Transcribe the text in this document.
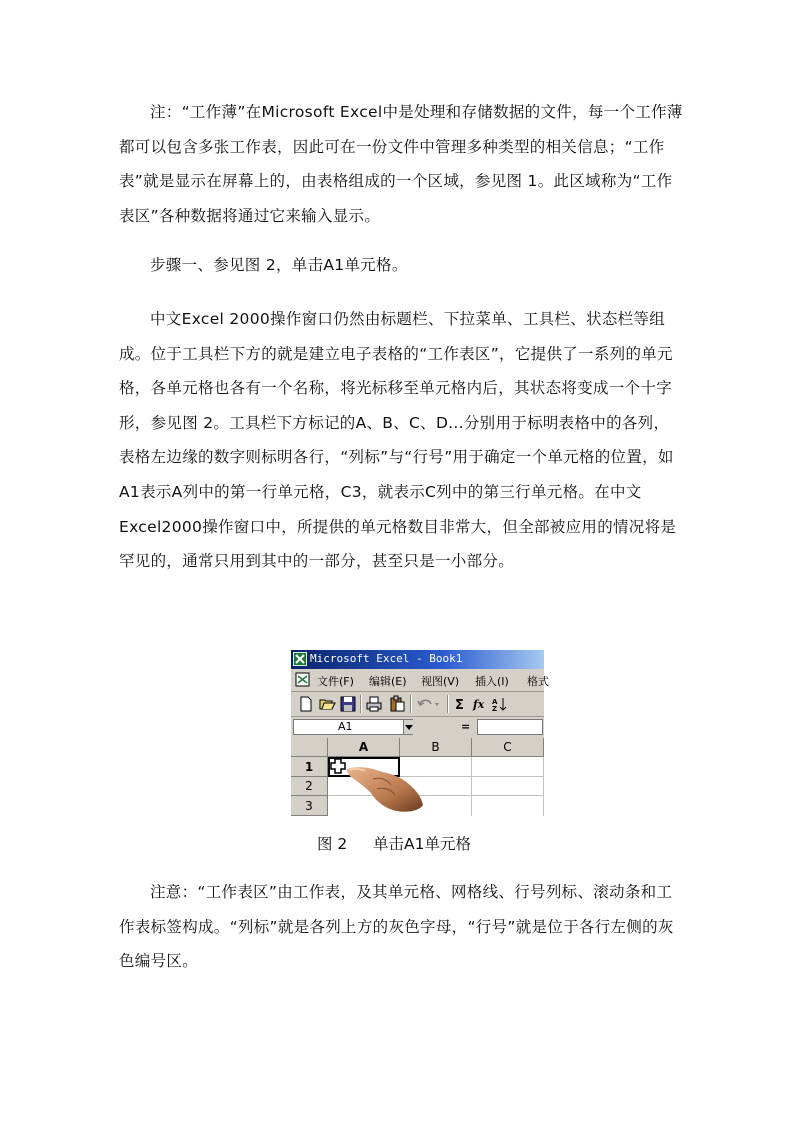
注：“工作薄”在Microsoft Excel中是处理和存储数据的文件，每一个工作薄都可以包含多张工作表，因此可在一份文件中管理多种类型的相关信息；“工作表”就是显示在屏幕上的，由表格组成的一个区域，参见图 1。此区域称为“工作表区”各种数据将通过它来输入显示。

步骤一、参见图 2，单击A1单元格。

中文Excel 2000操作窗口仍然由标题栏、下拉菜单、工具栏、状态栏等组成。位于工具栏下方的就是建立电子表格的“工作表区”，它提供了一系列的单元格，各单元格也各有一个名称，将光标移至单元格内后，其状态将变成一个十字形，参见图 2。工具栏下方标记的A、B、C、D...分别用于标明表格中的各列，表格左边缘的数字则标明各行，“列标”与“行号”用于确定一个单元格的位置，如A1表示A列中的第一行单元格，C3，就表示C列中的第三行单元格。在中文Excel2000操作窗口中，所提供的单元格数目非常大，但全部被应用的情况将是罕见的，通常只用到其中的一部分，甚至只是一小部分。

Microsoft Excel - Book1
文件(F) 编辑(E) 视图(V) 插入(I) 格式
Σ fx A
Z
A1	=
A	B	C
1
2
3
图 2 单击A1单元格

注意：“工作表区”由工作表，及其单元格、网格线、行号列标、滚动条和工作表标签构成。“列标”就是各列上方的灰色字母，“行号”就是位于各行左侧的灰色编号区。
